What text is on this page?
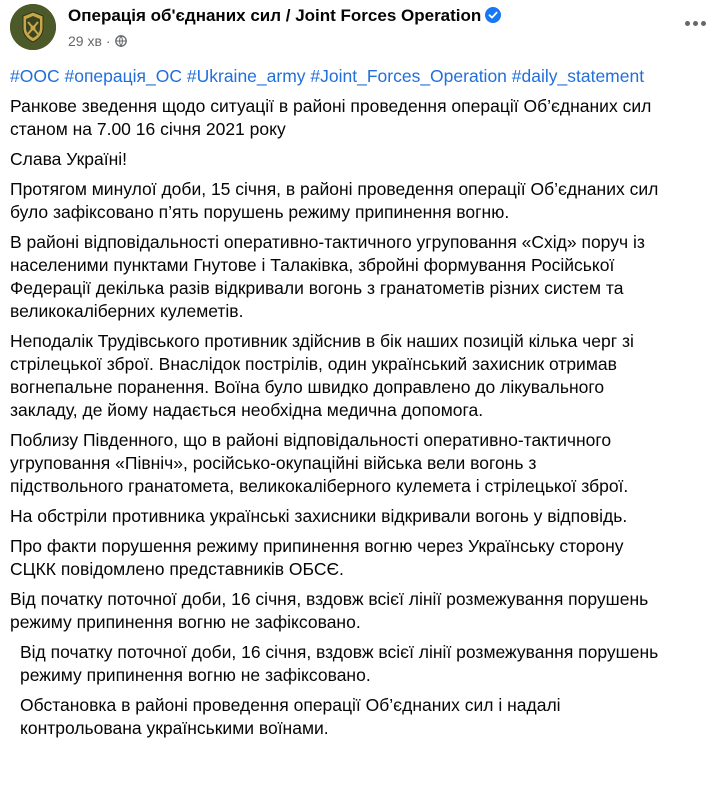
Операція об'єднаних сил / Joint Forces Operation
29 хв ·
#ООС #операція_ОС #Ukraine_army #Joint_Forces_Operation #daily_statement
Ранкове зведення щодо ситуації в районі проведення операції Об’єднаних сил
станом на 7.00 16 січня 2021 року
Слава Україні!
Протягом минулої доби, 15 січня, в районі проведення операції Об’єднаних сил
було зафіксовано п’ять порушень режиму припинення вогню.
В районі відповідальності оперативно-тактичного угруповання «Схід» поруч із
населеними пунктами Гнутове і Талаківка, збройні формування Російської
Федерації декілька разів відкривали вогонь з гранатометів різних систем та
великокаліберних кулеметів.
Неподалік Трудівського противник здійснив в бік наших позицій кілька черг зі
стрілецької зброї. Внаслідок пострілів, один український захисник отримав
вогнепальне поранення. Воїна було швидко доправлено до лікувального
закладу, де йому надається необхідна медична допомога.
Поблизу Південного, що в районі відповідальності оперативно-тактичного
угруповання «Північ», російсько-окупаційні війська вели вогонь з
підствольного гранатомета, великокаліберного кулемета і стрілецької зброї.
На обстріли противника українські захисники відкривали вогонь у відповідь.
Про факти порушення режиму припинення вогню через Українську сторону
СЦКК повідомлено представників ОБСЄ.
Від початку поточної доби, 16 січня, вздовж всієї лінії розмежування порушень
режиму припинення вогню не зафіксовано.
Від початку поточної доби, 16 січня, вздовж всієї лінії розмежування порушень
режиму припинення вогню не зафіксовано.
Обстановка в районі проведення операції Об’єднаних сил і надалі
контрольована українськими воїнами.
